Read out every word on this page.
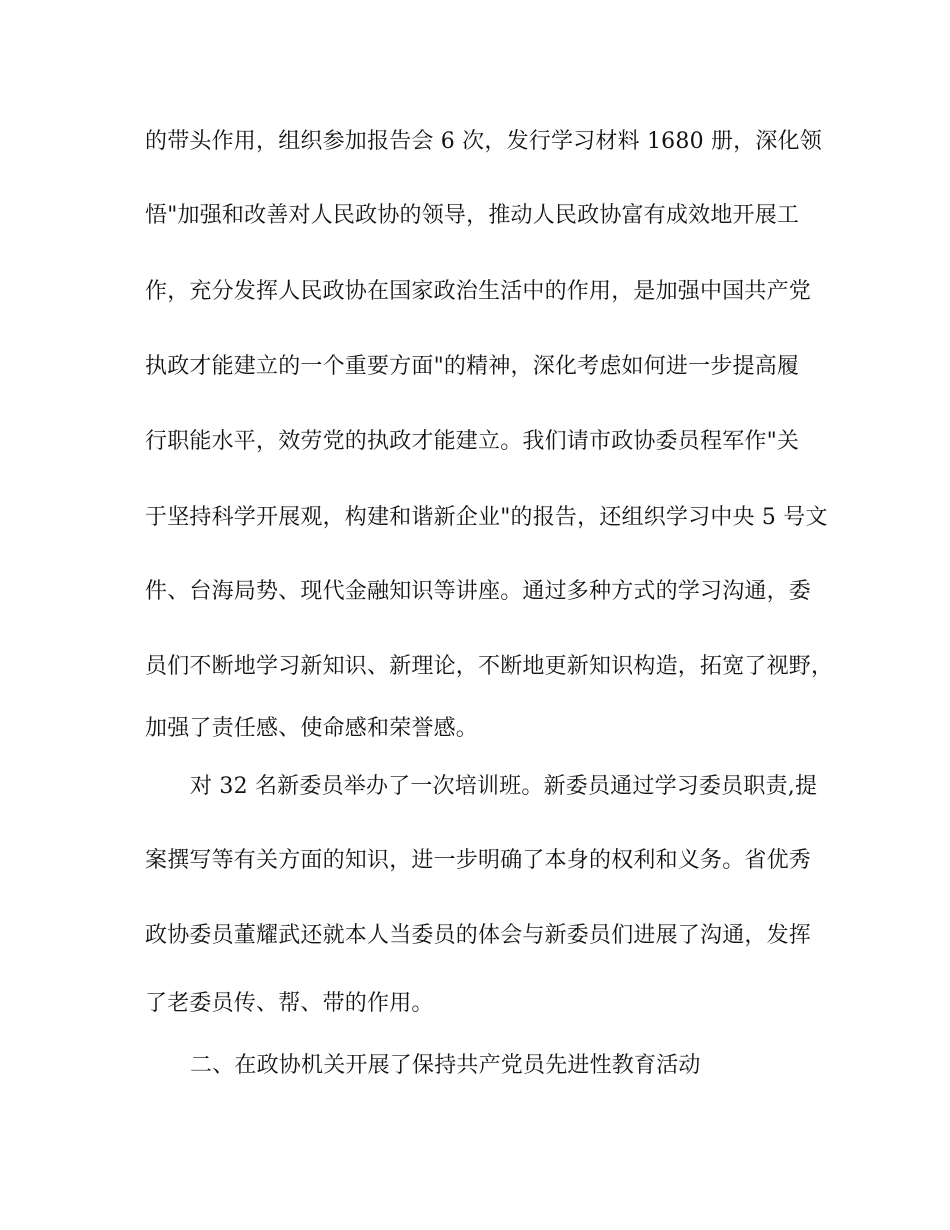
的带头作用，组织参加报告会 6 次，发行学习材料 1680 册，深化领
悟"加强和改善对人民政协的领导，推动人民政协富有成效地开展工
作，充分发挥人民政协在国家政治生活中的作用，是加强中国共产党
执政才能建立的一个重要方面"的精神，深化考虑如何进一步提高履
行职能水平，效劳党的执政才能建立。我们请市政协委员程军作"关
于坚持科学开展观，构建和谐新企业"的报告，还组织学习中央 5 号文
件、台海局势、现代金融知识等讲座。通过多种方式的学习沟通，委
员们不断地学习新知识、新理论，不断地更新知识构造，拓宽了视野，
加强了责任感、使命感和荣誉感。
对 32 名新委员举办了一次培训班。新委员通过学习委员职责,提
案撰写等有关方面的知识，进一步明确了本身的权利和义务。省优秀
政协委员董耀武还就本人当委员的体会与新委员们进展了沟通，发挥
了老委员传、帮、带的作用。
二、在政协机关开展了保持共产党员先进性教育活动
